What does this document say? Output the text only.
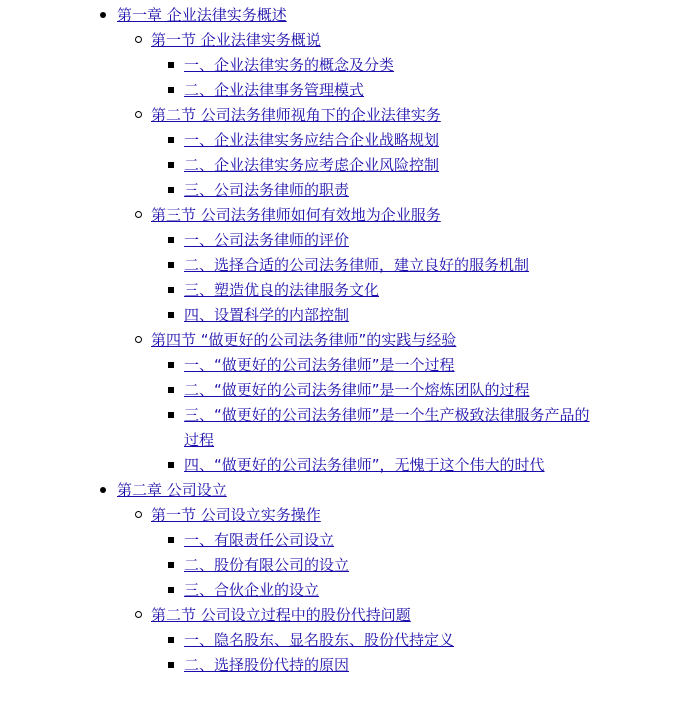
第一章 企业法律实务概述
第一节 企业法律实务概说
一、企业法律实务的概念及分类
二、企业法律事务管理模式
第二节 公司法务律师视角下的企业法律实务
一、企业法律实务应结合企业战略规划
二、企业法律实务应考虑企业风险控制
三、公司法务律师的职责
第三节 公司法务律师如何有效地为企业服务
一、公司法务律师的评价
二、选择合适的公司法务律师，建立良好的服务机制
三、塑造优良的法律服务文化
四、设置科学的内部控制
第四节 “做更好的公司法务律师”的实践与经验
一、“做更好的公司法务律师”是一个过程
二、“做更好的公司法务律师”是一个熔炼团队的过程
三、“做更好的公司法务律师”是一个生产极致法律服务产品的过程
四、“做更好的公司法务律师”，无愧于这个伟大的时代
第二章 公司设立
第一节 公司设立实务操作
一、有限责任公司设立
二、股份有限公司的设立
三、合伙企业的设立
第二节 公司设立过程中的股份代持问题
一、隐名股东、显名股东、股份代持定义
二、选择股份代持的原因
